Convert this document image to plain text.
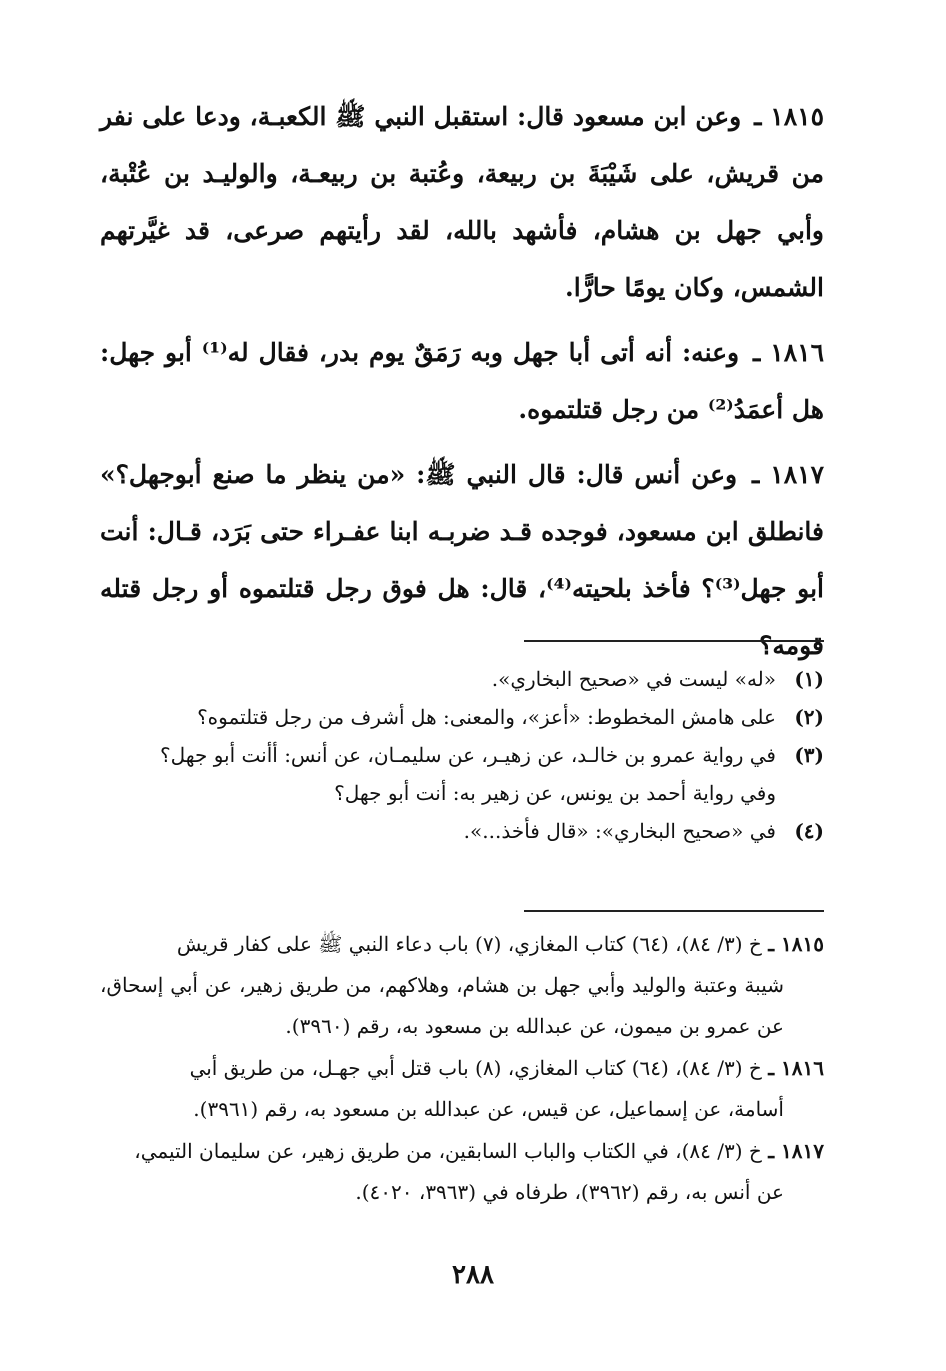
١٨١٥ ـ وعن ابن مسعود قال: استقبل النبي ﷺ الكعبـة، ودعا على نفر من قريش، على شَيْبَةَ بن ربيعة، وعُتبة بن ربيعـة، والوليـد بن عُتْبة، وأبي جهل بن هشام، فأشهد بالله، لقد رأيتهم صرعى، قد غيَّرتهم الشمس، وكان يومًا حارًّا.

١٨١٦ ـ وعنه: أنه أتى أبا جهل وبه رَمَقٌ يوم بدر، فقال له⁽¹⁾ أبو جهل: هل أعمَدُ⁽²⁾ من رجل قتلتموه.

١٨١٧ ـ وعن أنس قال: قال النبي ﷺ: «من ينظر ما صنع أبوجهل؟» فانطلق ابن مسعود، فوجده قـد ضربـه ابنا عفـراء حتى بَرَد، قـال: أنت أبو جهل⁽³⁾؟ فأخذ بلحيته⁽⁴⁾، قال: هل فوق رجل قتلتموه أو رجل قتله قومه؟

(١)
«له» ليست في «صحيح البخاري».
(٢)
على هامش المخطوط: «أعز»، والمعنى: هل أشرف من رجل قتلتموه؟
(٣)
في رواية عمرو بن خالـد، عن زهيـر، عن سليمـان، عن أنس: أأنت أبو جهل؟
وفي رواية أحمد بن يونس، عن زهير به: أنت أبو جهل؟
(٤)
في «صحيح البخاري»: «قال فأخذ...».
١٨١٥ ـ خ (٣/ ٨٤)، (٦٤) كتاب المغازي، (٧) باب دعاء النبي ﷺ على كفار قريش
شيبة وعتبة والوليد وأبي جهل بن هشام، وهلاكهم، من طريق زهير، عن أبي إسحاق، عن عمرو بن ميمون، عن عبدالله بن مسعود به، رقم (٣٩٦٠).
١٨١٦ ـ خ (٣/ ٨٤)، (٦٤) كتاب المغازي، (٨) باب قتل أبي جهـل، من طريق أبي
أسامة، عن إسماعيل، عن قيس، عن عبدالله بن مسعود به، رقم (٣٩٦١).
١٨١٧ ـ خ (٣/ ٨٤)، في الكتاب والباب السابقين، من طريق زهير، عن سليمان التيمي،
عن أنس به، رقم (٣٩٦٢)، طرفاه في (٣٩٦٣، ٤٠٢٠).
٢٨٨
